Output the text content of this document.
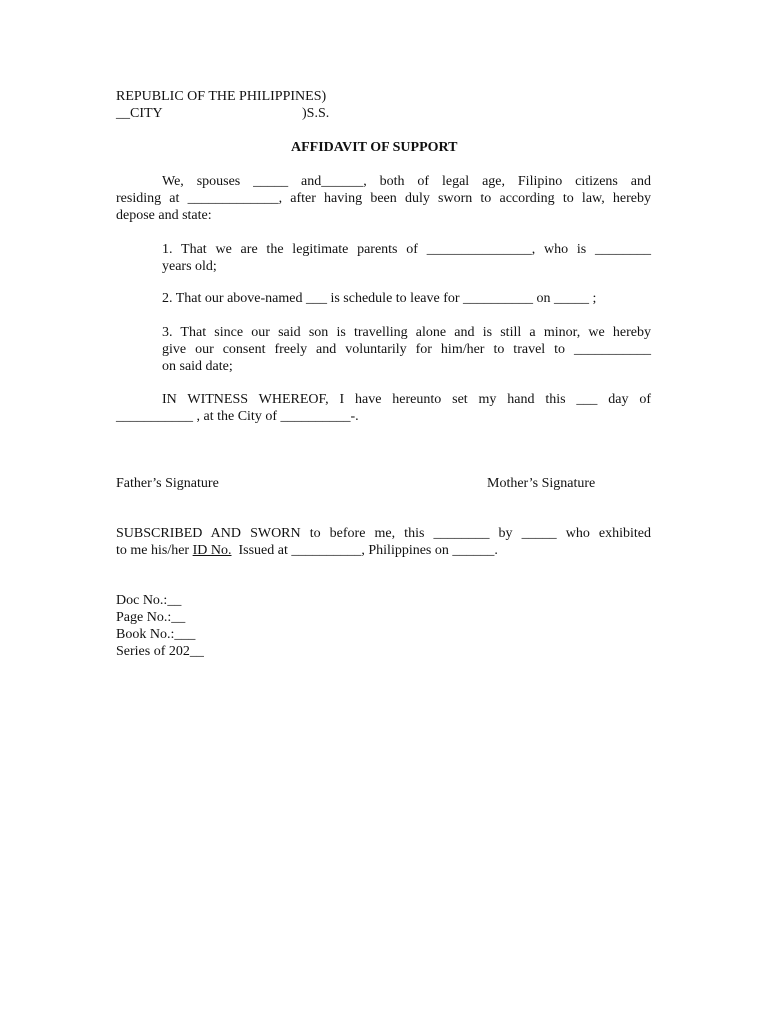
REPUBLIC OF THE PHILIPPINES)
__CITY	)S.S.
AFFIDAVIT OF SUPPORT
We, spouses _____ and______, both of legal age, Filipino citizens and
residing at _____________, after having been duly sworn to according to law, hereby
depose and state:
1. That we are the legitimate parents of _______________, who is ________
years old;
2. That our above-named ___ is schedule to leave for __________ on _____ ;
3. That since our said son is travelling alone and is still a minor, we hereby
give our consent freely and voluntarily for him/her to travel to ___________
on said date;
IN WITNESS WHEREOF, I have hereunto set my hand this ___ day of
___________ , at the City of __________-.
Father’s Signature	Mother’s Signature
SUBSCRIBED AND SWORN to before me, this ________ by _____ who exhibited
to me his/her ID No.  Issued at __________, Philippines on ______.
Doc No.:__
Page No.:__
Book No.:___
Series of 202__
